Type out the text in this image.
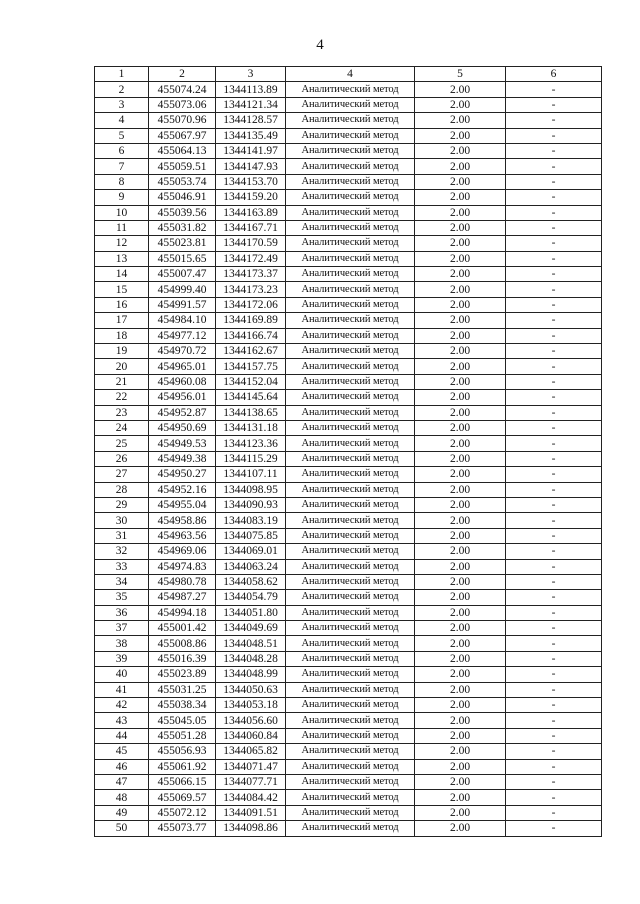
4
1	2	3	4	5	6
2	455074.24	1344113.89	Аналитический метод	2.00	-
3	455073.06	1344121.34	Аналитический метод	2.00	-
4	455070.96	1344128.57	Аналитический метод	2.00	-
5	455067.97	1344135.49	Аналитический метод	2.00	-
6	455064.13	1344141.97	Аналитический метод	2.00	-
7	455059.51	1344147.93	Аналитический метод	2.00	-
8	455053.74	1344153.70	Аналитический метод	2.00	-
9	455046.91	1344159.20	Аналитический метод	2.00	-
10	455039.56	1344163.89	Аналитический метод	2.00	-
11	455031.82	1344167.71	Аналитический метод	2.00	-
12	455023.81	1344170.59	Аналитический метод	2.00	-
13	455015.65	1344172.49	Аналитический метод	2.00	-
14	455007.47	1344173.37	Аналитический метод	2.00	-
15	454999.40	1344173.23	Аналитический метод	2.00	-
16	454991.57	1344172.06	Аналитический метод	2.00	-
17	454984.10	1344169.89	Аналитический метод	2.00	-
18	454977.12	1344166.74	Аналитический метод	2.00	-
19	454970.72	1344162.67	Аналитический метод	2.00	-
20	454965.01	1344157.75	Аналитический метод	2.00	-
21	454960.08	1344152.04	Аналитический метод	2.00	-
22	454956.01	1344145.64	Аналитический метод	2.00	-
23	454952.87	1344138.65	Аналитический метод	2.00	-
24	454950.69	1344131.18	Аналитический метод	2.00	-
25	454949.53	1344123.36	Аналитический метод	2.00	-
26	454949.38	1344115.29	Аналитический метод	2.00	-
27	454950.27	1344107.11	Аналитический метод	2.00	-
28	454952.16	1344098.95	Аналитический метод	2.00	-
29	454955.04	1344090.93	Аналитический метод	2.00	-
30	454958.86	1344083.19	Аналитический метод	2.00	-
31	454963.56	1344075.85	Аналитический метод	2.00	-
32	454969.06	1344069.01	Аналитический метод	2.00	-
33	454974.83	1344063.24	Аналитический метод	2.00	-
34	454980.78	1344058.62	Аналитический метод	2.00	-
35	454987.27	1344054.79	Аналитический метод	2.00	-
36	454994.18	1344051.80	Аналитический метод	2.00	-
37	455001.42	1344049.69	Аналитический метод	2.00	-
38	455008.86	1344048.51	Аналитический метод	2.00	-
39	455016.39	1344048.28	Аналитический метод	2.00	-
40	455023.89	1344048.99	Аналитический метод	2.00	-
41	455031.25	1344050.63	Аналитический метод	2.00	-
42	455038.34	1344053.18	Аналитический метод	2.00	-
43	455045.05	1344056.60	Аналитический метод	2.00	-
44	455051.28	1344060.84	Аналитический метод	2.00	-
45	455056.93	1344065.82	Аналитический метод	2.00	-
46	455061.92	1344071.47	Аналитический метод	2.00	-
47	455066.15	1344077.71	Аналитический метод	2.00	-
48	455069.57	1344084.42	Аналитический метод	2.00	-
49	455072.12	1344091.51	Аналитический метод	2.00	-
50	455073.77	1344098.86	Аналитический метод	2.00	-
